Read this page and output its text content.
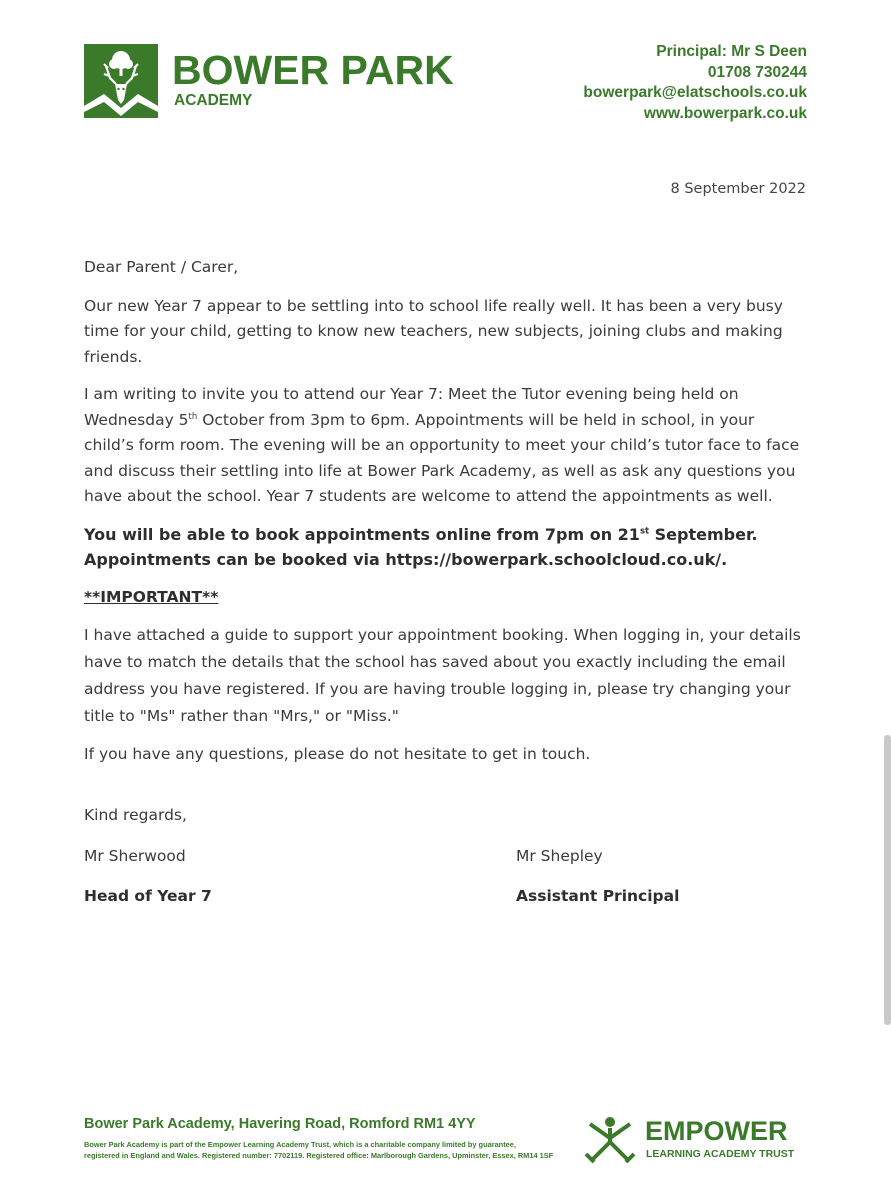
BOWER PARK
ACADEMY
Principal: Mr S Deen
01708 730244
bowerpark@elatschools.co.uk
www.bowerpark.co.uk
8 September 2022

Dear Parent / Carer,

Our new Year 7 appear to be settling into to school life really well. It has been a very busy time for your child, getting to know new teachers, new subjects, joining clubs and making friends.

I am writing to invite you to attend our Year 7: Meet the Tutor evening being held on Wednesday 5th October from 3pm to 6pm. Appointments will be held in school, in your child’s form room. The evening will be an opportunity to meet your child’s tutor face to face and discuss their settling into life at Bower Park Academy, as well as ask any questions you have about the school. Year 7 students are welcome to attend the appointments as well.

You will be able to book appointments online from 7pm on 21st September. Appointments can be booked via https://bowerpark.schoolcloud.co.uk/.

**IMPORTANT**

I have attached a guide to support your appointment booking. When logging in, your details have to match the details that the school has saved about you exactly including the email address you have registered. If you are having trouble logging in, please try changing your title to "Ms" rather than "Mrs," or "Miss."

If you have any questions, please do not hesitate to get in touch.

Kind regards,
Mr Sherwood
Head of Year 7
Mr Shepley
Assistant Principal
Bower Park Academy, Havering Road, Romford RM1 4YY
Bower Park Academy is part of the Empower Learning Academy Trust, which is a charitable company limited by guarantee,
registered in England and Wales. Registered number: 7702119. Registered office: Marlborough Gardens, Upminster, Essex, RM14 1SF
EMPOWER
LEARNING ACADEMY TRUST
